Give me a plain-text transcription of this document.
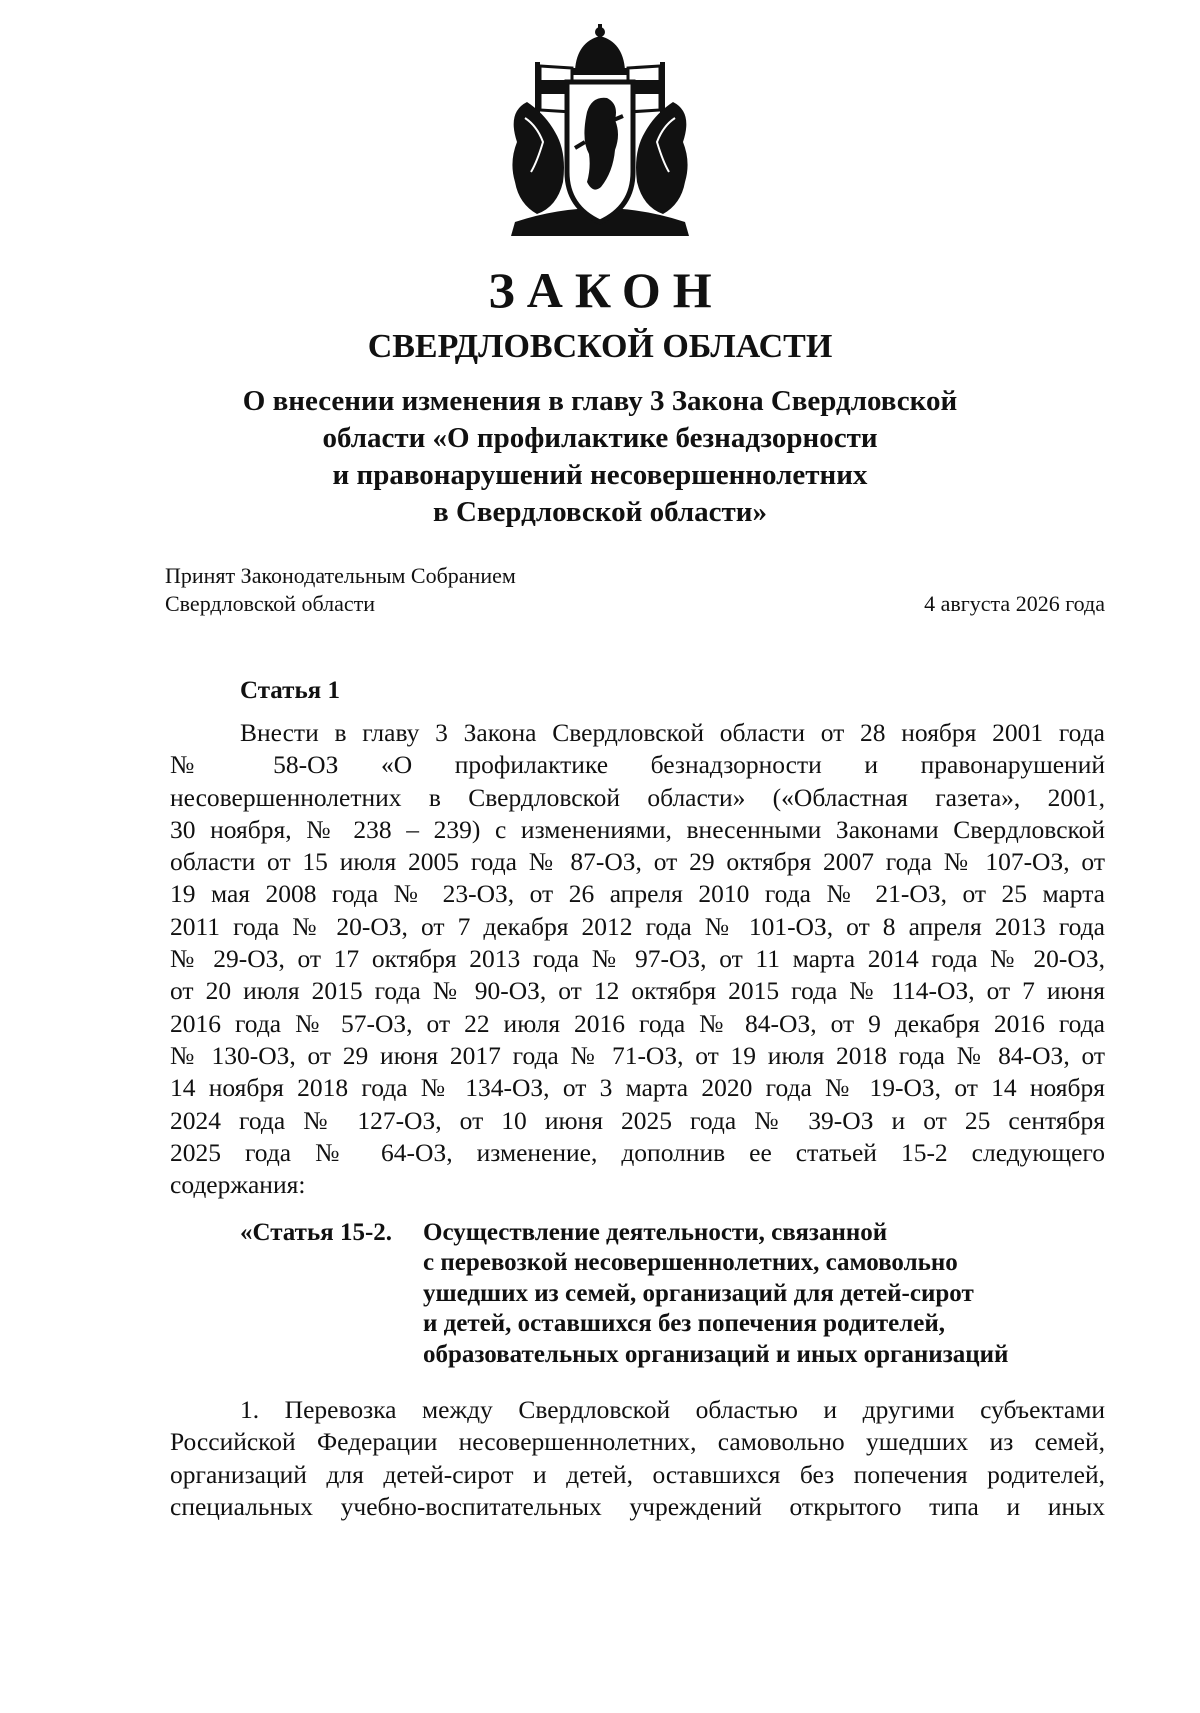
ЗАКОН
СВЕРДЛОВСКОЙ ОБЛАСТИ
О внесении изменения в главу 3 Закона Свердловской
области «О профилактике безнадзорности
и правонарушений несовершеннолетних
в Свердловской области»
Принят Законодательным Собранием
Свердловской области	4 августа 2026 года
Статья 1
Внести в главу 3 Закона Свердловской области от 28 ноября 2001 года
№ 58-ОЗ «О профилактике безнадзорности и правонарушений
несовершеннолетних в Свердловской области» («Областная газета», 2001,
30 ноября, № 238 – 239) с изменениями, внесенными Законами Свердловской
области от 15 июля 2005 года № 87-ОЗ, от 29 октября 2007 года № 107-ОЗ, от
19 мая 2008 года № 23-ОЗ, от 26 апреля 2010 года № 21-ОЗ, от 25 марта
2011 года № 20-ОЗ, от 7 декабря 2012 года № 101-ОЗ, от 8 апреля 2013 года
№ 29-ОЗ, от 17 октября 2013 года № 97-ОЗ, от 11 марта 2014 года № 20-ОЗ,
от 20 июля 2015 года № 90-ОЗ, от 12 октября 2015 года № 114-ОЗ, от 7 июня
2016 года № 57-ОЗ, от 22 июля 2016 года № 84-ОЗ, от 9 декабря 2016 года
№ 130-ОЗ, от 29 июня 2017 года № 71-ОЗ, от 19 июля 2018 года № 84-ОЗ, от
14 ноября 2018 года № 134-ОЗ, от 3 марта 2020 года № 19-ОЗ, от 14 ноября
2024 года № 127-ОЗ, от 10 июня 2025 года № 39-ОЗ и от 25 сентября
2025 года № 64-ОЗ, изменение, дополнив ее статьей 15-2 следующего
содержания:
«Статья 15-2. Осуществление деятельности, связанной
с перевозкой несовершеннолетних, самовольно
ушедших из семей, организаций для детей-сирот
и детей, оставшихся без попечения родителей,
образовательных организаций и иных организаций
1. Перевозка между Свердловской областью и другими субъектами
Российской Федерации несовершеннолетних, самовольно ушедших из семей,
организаций для детей-сирот и детей, оставшихся без попечения родителей,
специальных учебно-воспитательных учреждений открытого типа и иных
